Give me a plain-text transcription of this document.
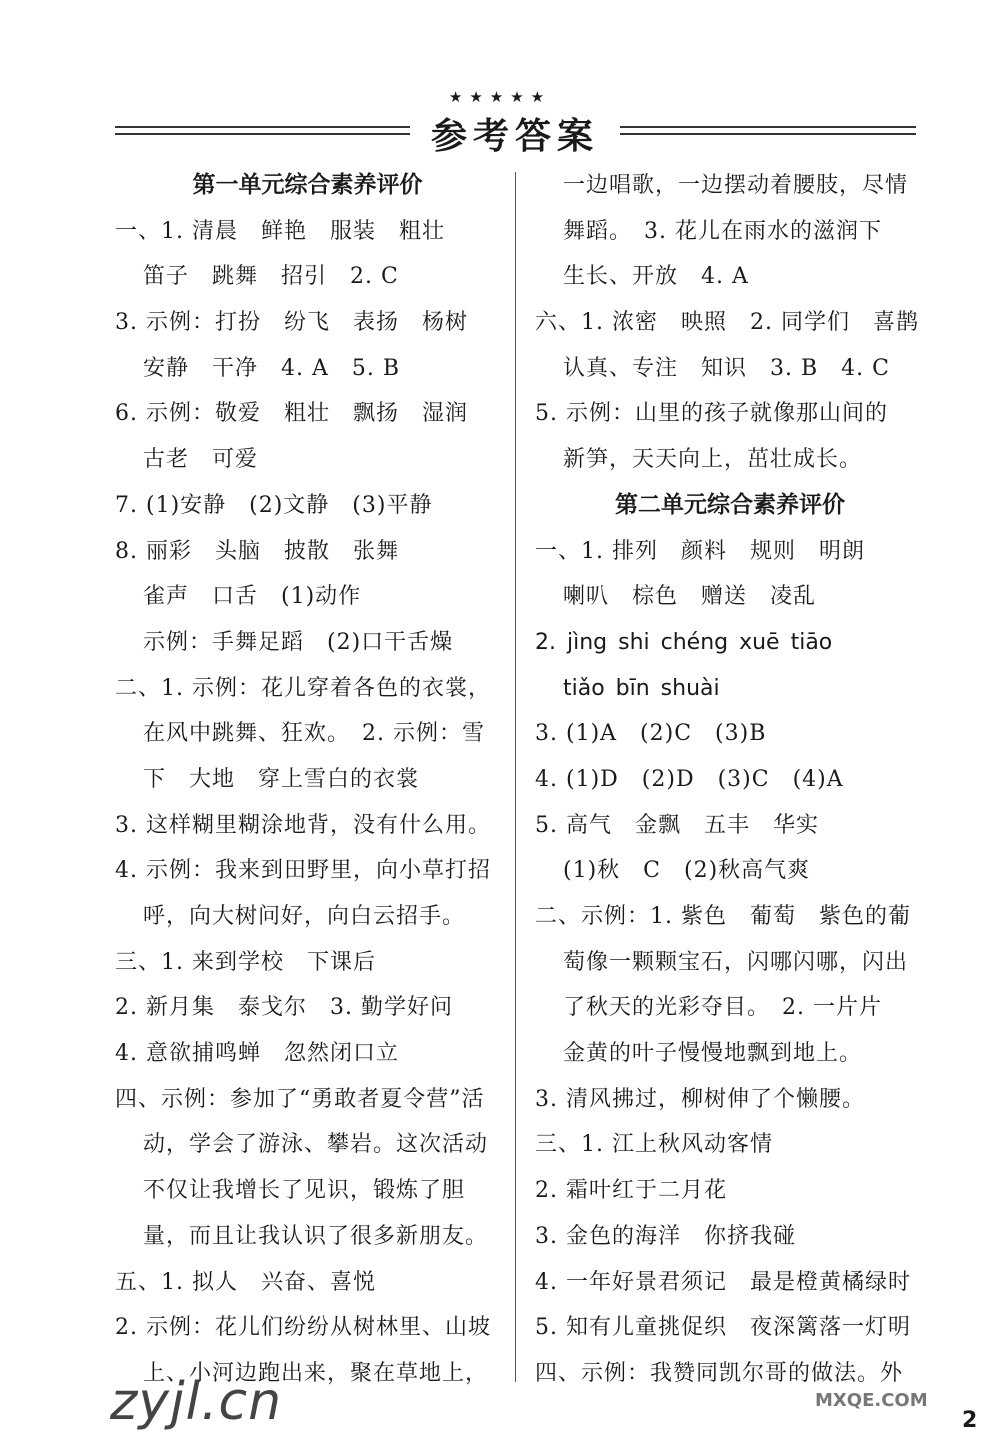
★★★★★
参考答案
第一单元综合素养评价
一、1. 清晨　鲜艳　服装　粗壮
笛子　跳舞　招引　2. C
3. 示例：打扮　纷飞　表扬　杨树
安静　干净　4. A　5. B
6. 示例：敬爱　粗壮　飘扬　湿润
古老　可爱
7. (1)安静　(2)文静　(3)平静
8. 丽彩　头脑　披散　张舞
雀声　口舌　(1)动作
示例：手舞足蹈　(2)口干舌燥
二、1. 示例：花儿穿着各色的衣裳，
在风中跳舞、狂欢。　2. 示例：雪
下　大地　穿上雪白的衣裳
3. 这样糊里糊涂地背，没有什么用。
4. 示例：我来到田野里，向小草打招
呼，向大树问好，向白云招手。
三、1. 来到学校　下课后
2. 新月集　泰戈尔　3. 勤学好问
4. 意欲捕鸣蝉　忽然闭口立
四、示例：参加了“勇敢者夏令营”活
动，学会了游泳、攀岩。这次活动
不仅让我增长了见识，锻炼了胆
量，而且让我认识了很多新朋友。
五、1. 拟人　兴奋、喜悦
2. 示例：花儿们纷纷从树林里、山坡
上、小河边跑出来，聚在草地上，
一边唱歌，一边摆动着腰肢，尽情
舞蹈。　3. 花儿在雨水的滋润下
生长、开放　4. A
六、1. 浓密　映照　2. 同学们　喜鹊
认真、专注　知识　3. B　4. C
5. 示例：山里的孩子就像那山间的
新笋，天天向上，茁壮成长。
第二单元综合素养评价
一、1. 排列　颜料　规则　明朗
喇叭　棕色　赠送　凌乱
2. jìng shi chéng xuē tiāo
tiǎo bīn shuài
3. (1)A　(2)C　(3)B
4. (1)D　(2)D　(3)C　(4)A
5. 高气　金飘　五丰　华实
(1)秋　C　(2)秋高气爽
二、示例：1. 紫色　葡萄　紫色的葡
萄像一颗颗宝石，闪哪闪哪，闪出
了秋天的光彩夺目。　2. 一片片
金黄的叶子慢慢地飘到地上。
3. 清风拂过，柳树伸了个懒腰。
三、1. 江上秋风动客情
2. 霜叶红于二月花
3. 金色的海洋　你挤我碰
4. 一年好景君须记　最是橙黄橘绿时
5. 知有儿童挑促织　夜深篱落一灯明
四、示例：我赞同凯尔哥的做法。外
zyjl.cn	MXQE.COM
2
